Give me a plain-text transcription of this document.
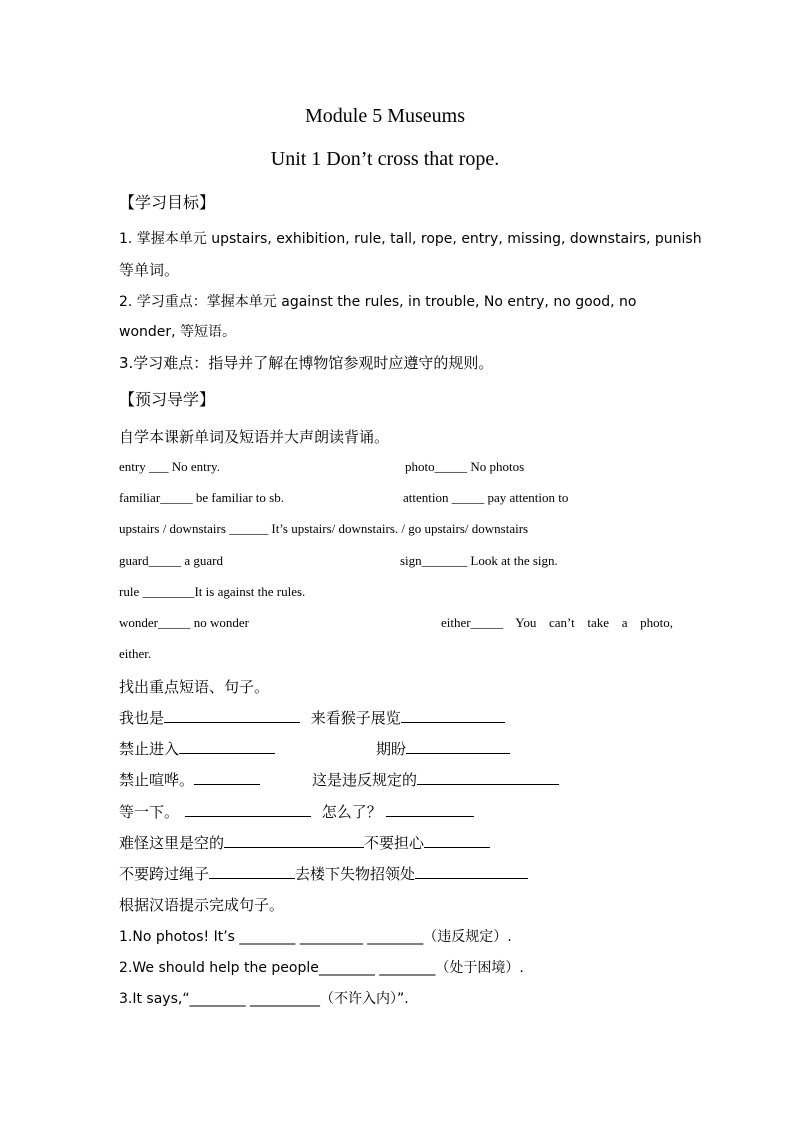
Module 5 Museums
Unit 1 Don’t cross that rope.
【学习目标】
1. 掌握本单元 upstairs, exhibition, rule, tall, rope, entry, missing, downstairs, punish
等单词。
2. 学习重点：掌握本单元 against the rules, in trouble, No entry, no good, no
wonder, 等短语。
3.学习难点：指导并了解在博物馆参观时应遵守的规则。
【预习导学】
自学本课新单词及短语并大声朗读背诵。
entry ___ No entry.	photo_____ No photos
familiar_____ be familiar to sb.	attention _____ pay attention to
upstairs / downstairs ______ It’s upstairs/ downstairs. / go upstairs/ downstairs
guard_____ a guard	sign_______ Look at the sign.
rule ________It is against the rules.
wonder_____ no wonder	either_____ You can’t take a photo,
either.
找出重点短语、句子。
我也是	来看猴子展览
禁止进入	期盼
禁止喧哗。	这是违反规定的
等一下。	怎么了？
难怪这里是空的	不要担心
不要跨过绳子	去楼下失物招领处
根据汉语提示完成句子。
1.No photos! It’s ________ _________ ________（违反规定）.
2.We should help the people________ ________（处于困境）.
3.It says,“________ __________（不许入内）”.
